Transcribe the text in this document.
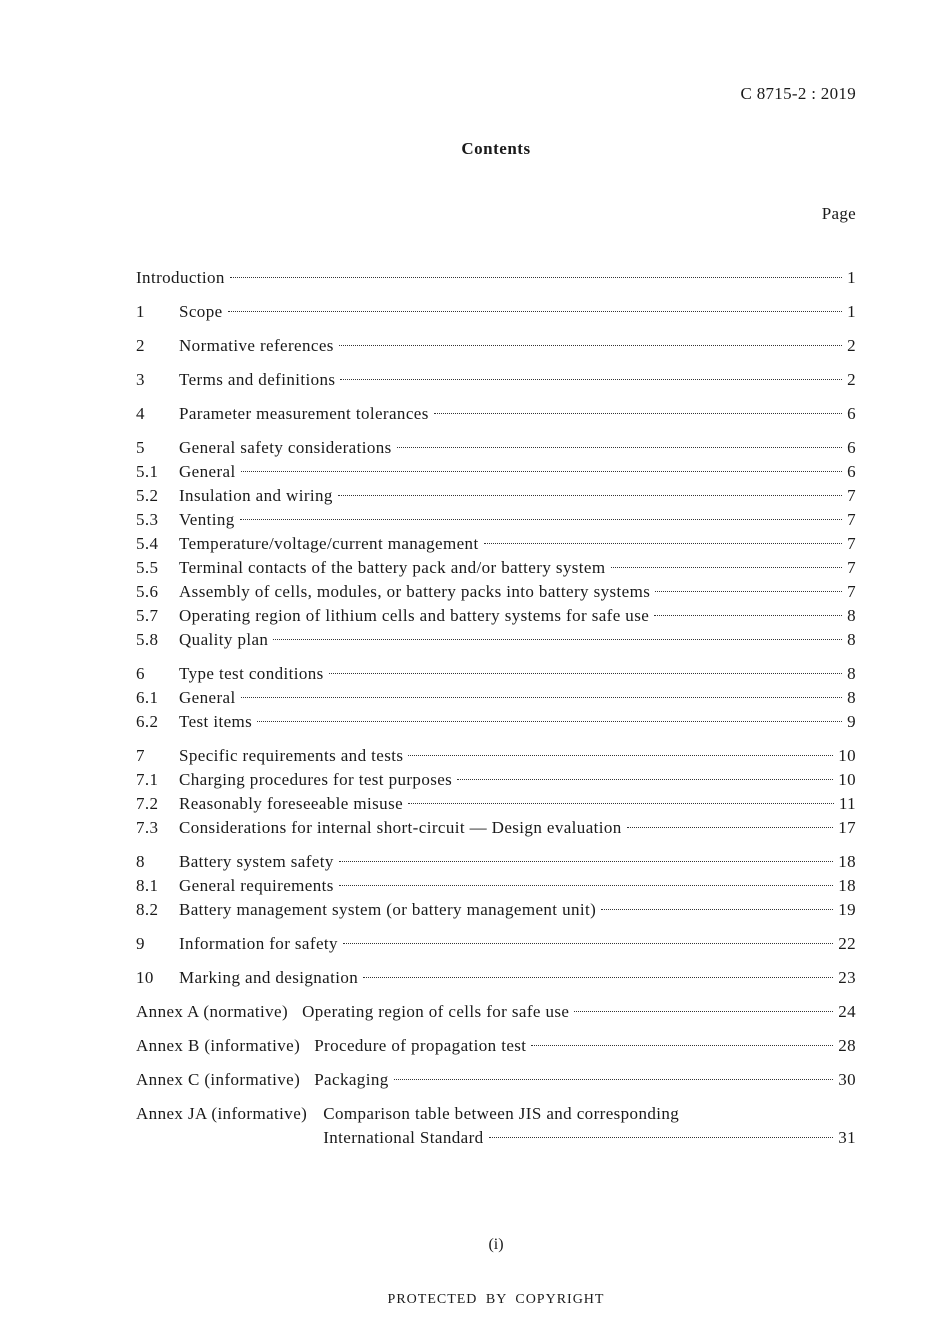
C 8715-2 : 2019
Contents
Page
Introduction	1
1	Scope	1
2	Normative references	2
3	Terms and definitions	2
4	Parameter measurement tolerances	6
5	General safety considerations	6
5.1	General	6
5.2	Insulation and wiring	7
5.3	Venting	7
5.4	Temperature/voltage/current management	7
5.5	Terminal contacts of the battery pack and/or battery system	7
5.6	Assembly of cells, modules, or battery packs into battery systems	7
5.7	Operating region of lithium cells and battery systems for safe use	8
5.8	Quality plan	8
6	Type test conditions	8
6.1	General	8
6.2	Test items	9
7	Specific requirements and tests	10
7.1	Charging procedures for test purposes	10
7.2	Reasonably foreseeable misuse	11
7.3	Considerations for internal short-circuit — Design evaluation	17
8	Battery system safety	18
8.1	General requirements	18
8.2	Battery management system (or battery management unit)	19
9	Information for safety	22
10	Marking and designation	23
Annex A (normative) Operating region of cells for safe use	24
Annex B (informative) Procedure of propagation test	28
Annex C (informative) Packaging	30
Annex JA (informative) Comparison table between JIS and corresponding
International Standard	31
(i)
PROTECTED BY COPYRIGHT
